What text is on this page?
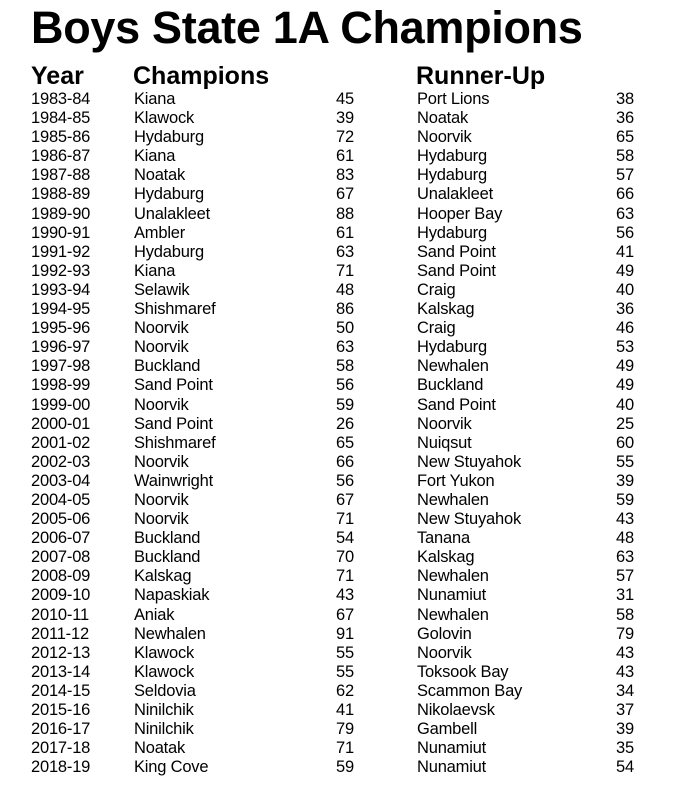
Boys State 1A Champions
Year Champions	Runner-Up
1983-84	Kiana	45	Port Lions	38
1984-85	Klawock	39	Noatak	36
1985-86	Hydaburg	72	Noorvik	65
1986-87	Kiana	61	Hydaburg	58
1987-88	Noatak	83	Hydaburg	57
1988-89	Hydaburg	67	Unalakleet	66
1989-90	Unalakleet	88	Hooper Bay	63
1990-91	Ambler	61	Hydaburg	56
1991-92	Hydaburg	63	Sand Point	41
1992-93	Kiana	71	Sand Point	49
1993-94	Selawik	48	Craig	40
1994-95	Shishmaref	86	Kalskag	36
1995-96	Noorvik	50	Craig	46
1996-97	Noorvik	63	Hydaburg	53
1997-98	Buckland	58	Newhalen	49
1998-99	Sand Point	56	Buckland	49
1999-00	Noorvik	59	Sand Point	40
2000-01	Sand Point	26	Noorvik	25
2001-02	Shishmaref	65	Nuiqsut	60
2002-03	Noorvik	66	New Stuyahok	55
2003-04	Wainwright	56	Fort Yukon	39
2004-05	Noorvik	67	Newhalen	59
2005-06	Noorvik	71	New Stuyahok	43
2006-07	Buckland	54	Tanana	48
2007-08	Buckland	70	Kalskag	63
2008-09	Kalskag	71	Newhalen	57
2009-10	Napaskiak	43	Nunamiut	31
2010-11	Aniak	67	Newhalen	58
2011-12	Newhalen	91	Golovin	79
2012-13	Klawock	55	Noorvik	43
2013-14	Klawock	55	Toksook Bay	43
2014-15	Seldovia	62	Scammon Bay	34
2015-16	Ninilchik	41	Nikolaevsk	37
2016-17	Ninilchik	79	Gambell	39
2017-18	Noatak	71	Nunamiut	35
2018-19	King Cove	59	Nunamiut	54
